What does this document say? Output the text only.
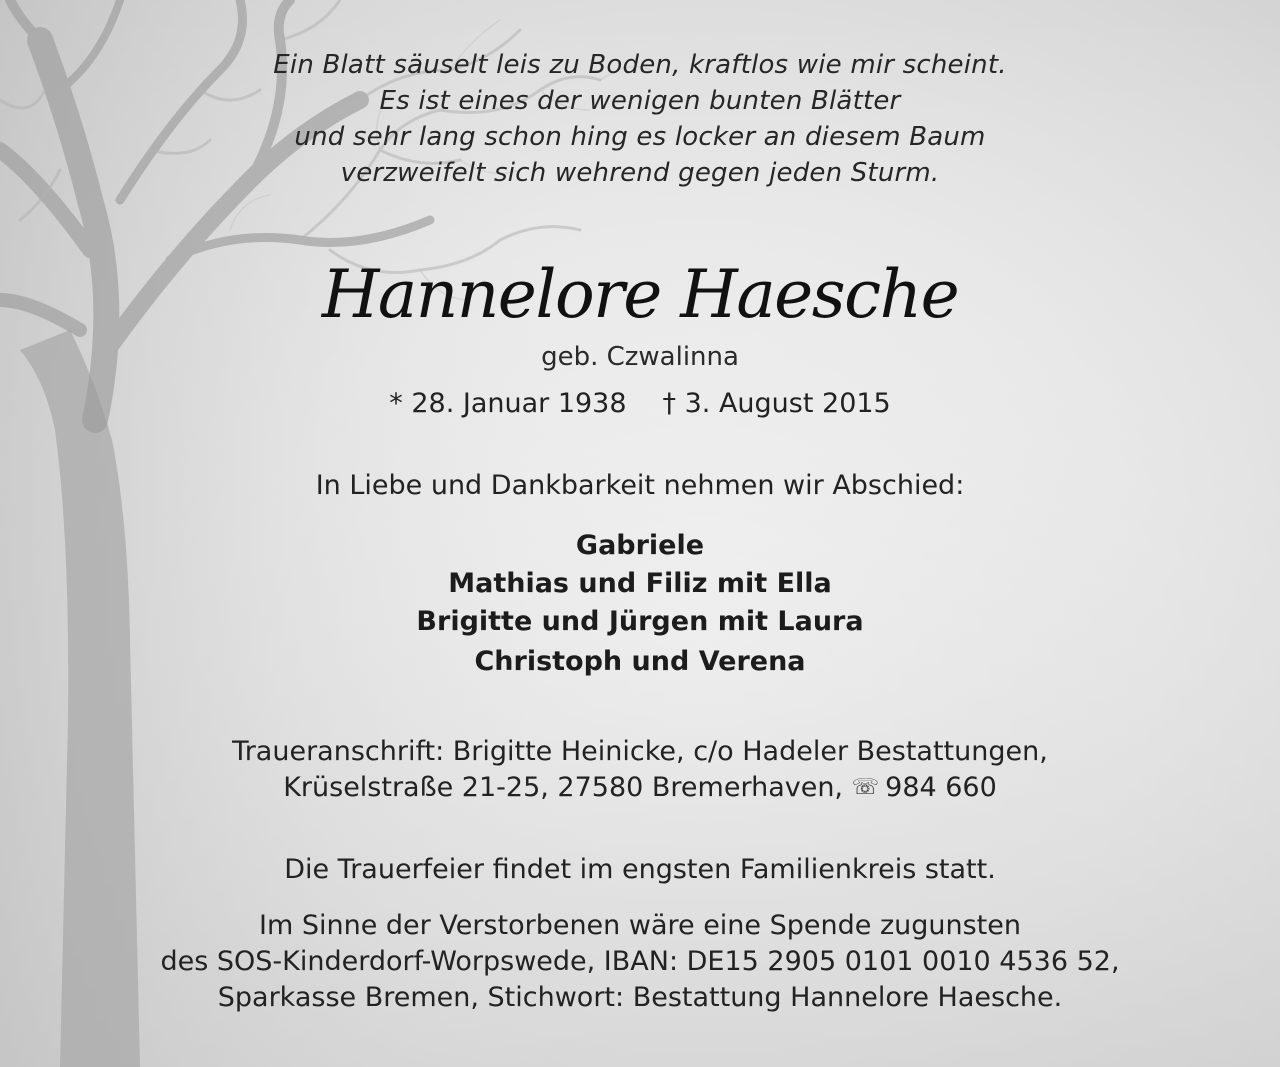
Ein Blatt säuselt leis zu Boden, kraftlos wie mir scheint.
Es ist eines der wenigen bunten Blätter
und sehr lang schon hing es locker an diesem Baum
verzweifelt sich wehrend gegen jeden Sturm.
Hannelore Haesche
geb. Czwalinna
* 28. Januar 1938 † 3. August 2015
In Liebe und Dankbarkeit nehmen wir Abschied:
Gabriele
Mathias und Filiz mit Ella
Brigitte und Jürgen mit Laura
Christoph und Verena
Traueranschrift: Brigitte Heinicke, c/o Hadeler Bestattungen,
Krüselstraße 21-25, 27580 Bremerhaven, ☏ 984 660
Die Trauerfeier findet im engsten Familienkreis statt.
Im Sinne der Verstorbenen wäre eine Spende zugunsten
des SOS-Kinderdorf-Worpswede, IBAN: DE15 2905 0101 0010 4536 52,
Sparkasse Bremen, Stichwort: Bestattung Hannelore Haesche.
